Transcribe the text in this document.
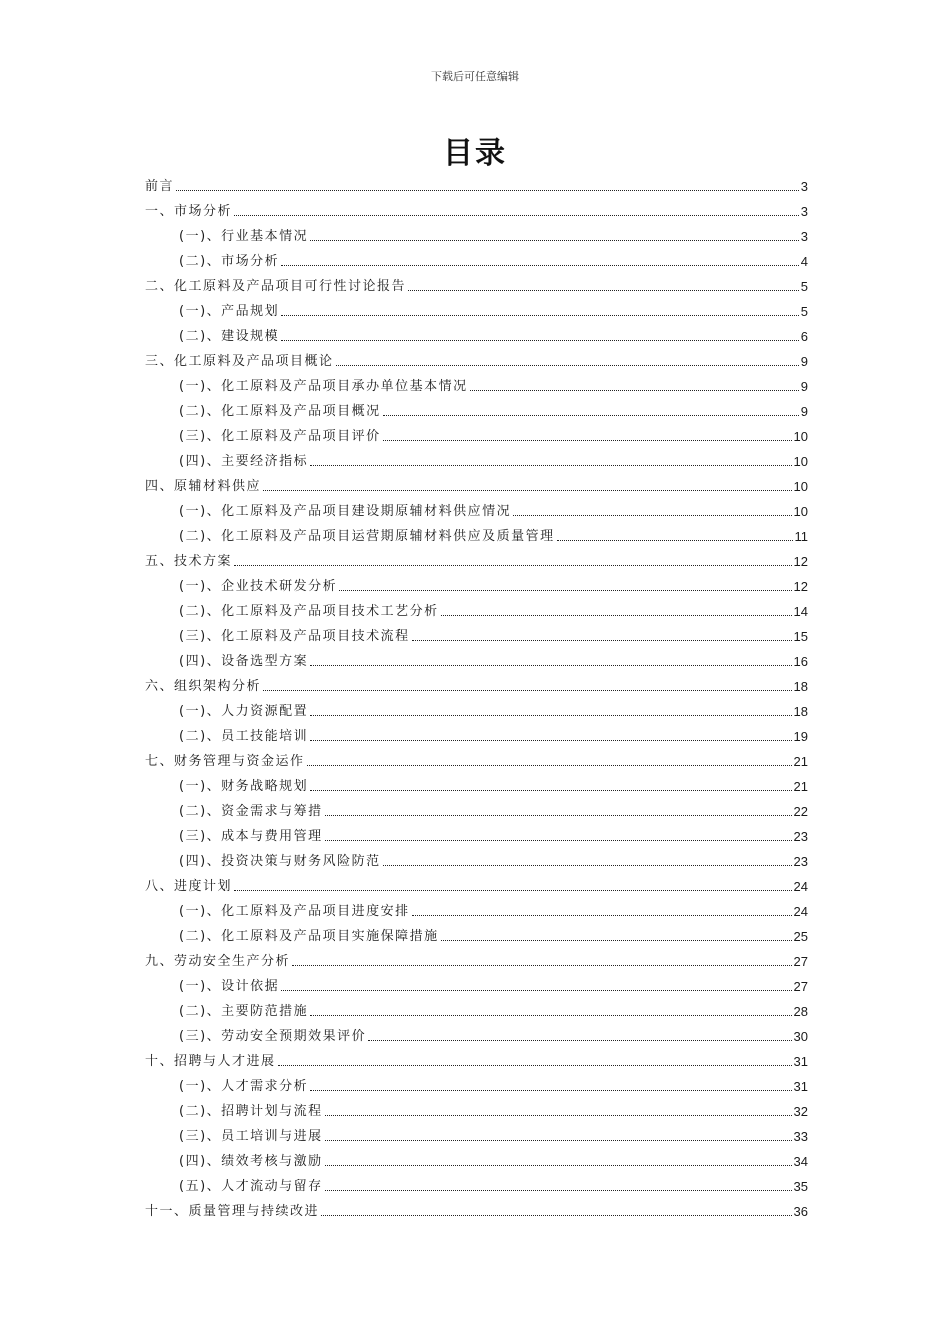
下载后可任意编辑
目录
前言	3
一、市场分析	3
(一)、行业基本情况	3
(二)、市场分析	4
二、化工原料及产品项目可行性讨论报告	5
(一)、产品规划	5
(二)、建设规模	6
三、化工原料及产品项目概论	9
(一)、化工原料及产品项目承办单位基本情况	9
(二)、化工原料及产品项目概况	9
(三)、化工原料及产品项目评价	10
(四)、主要经济指标	10
四、原辅材料供应	10
(一)、化工原料及产品项目建设期原辅材料供应情况	10
(二)、化工原料及产品项目运营期原辅材料供应及质量管理	11
五、技术方案	12
(一)、企业技术研发分析	12
(二)、化工原料及产品项目技术工艺分析	14
(三)、化工原料及产品项目技术流程	15
(四)、设备选型方案	16
六、组织架构分析	18
(一)、人力资源配置	18
(二)、员工技能培训	19
七、财务管理与资金运作	21
(一)、财务战略规划	21
(二)、资金需求与筹措	22
(三)、成本与费用管理	23
(四)、投资决策与财务风险防范	23
八、进度计划	24
(一)、化工原料及产品项目进度安排	24
(二)、化工原料及产品项目实施保障措施	25
九、劳动安全生产分析	27
(一)、设计依据	27
(二)、主要防范措施	28
(三)、劳动安全预期效果评价	30
十、招聘与人才进展	31
(一)、人才需求分析	31
(二)、招聘计划与流程	32
(三)、员工培训与进展	33
(四)、绩效考核与激励	34
(五)、人才流动与留存	35
十一、质量管理与持续改进	36
